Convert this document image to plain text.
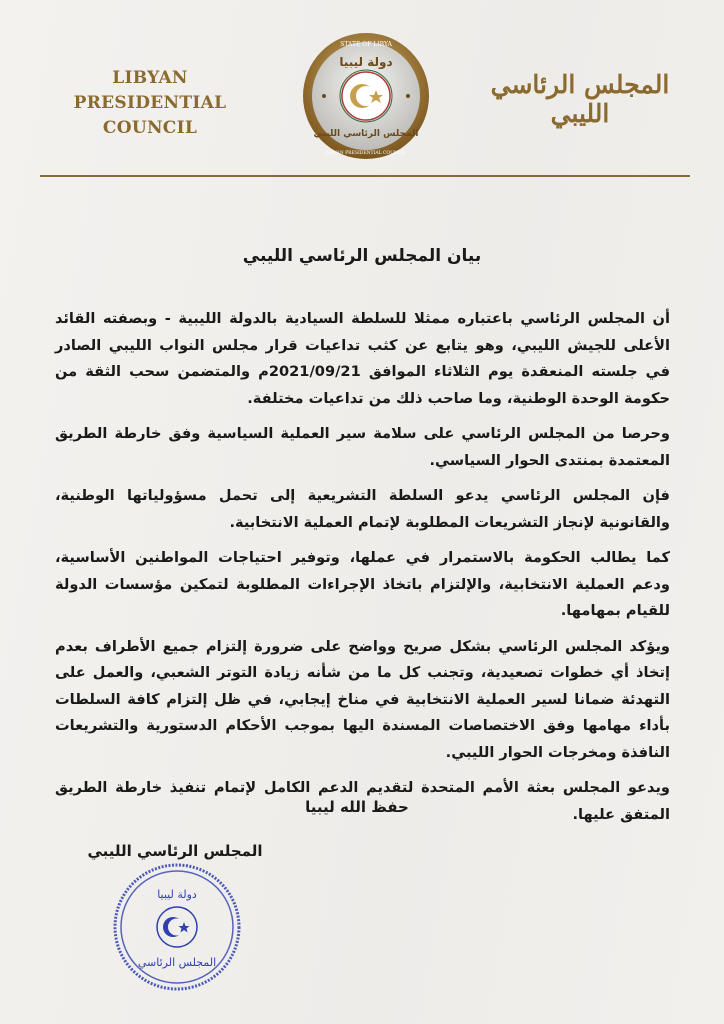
LIBYAN PRESIDENTIAL
COUNCIL
STATE OF LIBYA
دولة ليبيا
المجلس الرئاسي الليبي
LIBYAN PRESIDENTIAL COUNCIL
المجلس الرئاسي الليبي
بيان المجلس الرئاسي الليبي

أن المجلس الرئاسي باعتباره ممثلا للسلطة السيادية بالدولة الليبية - وبصفته القائد الأعلى للجيش الليبي، وهو يتابع عن كثب تداعيات قرار مجلس النواب الليبي الصادر في جلسته المنعقدة يوم الثلاثاء الموافق 2021/09/21م والمتضمن سحب الثقة من حكومة الوحدة الوطنية، وما صاحب ذلك من تداعيات مختلفة.

وحرصا من المجلس الرئاسي على سلامة سير العملية السياسية وفق خارطة الطريق المعتمدة بمنتدى الحوار السياسي.

فإن المجلس الرئاسي يدعو السلطة التشريعية إلى تحمل مسؤولياتها الوطنية، والقانونية لإنجاز التشريعات المطلوبة لإتمام العملية الانتخابية.

كما يطالب الحكومة بالاستمرار في عملها، وتوفير احتياجات المواطنين الأساسية، ودعم العملية الانتخابية، والإلتزام باتخاذ الإجراءات المطلوبة لتمكين مؤسسات الدولة للقيام بمهامها.

ويؤكد المجلس الرئاسي بشكل صريح وواضح على ضرورة إلتزام جميع الأطراف بعدم إتخاذ أي خطوات تصعيدية، وتجنب كل ما من شأنه زيادة التوتر الشعبي، والعمل على التهدئة ضمانا لسير العملية الانتخابية في مناخ إيجابي، في ظل إلتزام كافة السلطات بأداء مهامها وفق الاختصاصات المسندة اليها بموجب الأحكام الدستورية والتشريعات النافذة ومخرجات الحوار الليبي.

ويدعو المجلس بعثة الأمم المتحدة لتقديم الدعم الكامل لإتمام تنفيذ خارطة الطريق المتفق عليها.

حفظ الله ليبيا
المجلس الرئاسي الليبي
دولة ليبيا
المجلس الرئاسي
